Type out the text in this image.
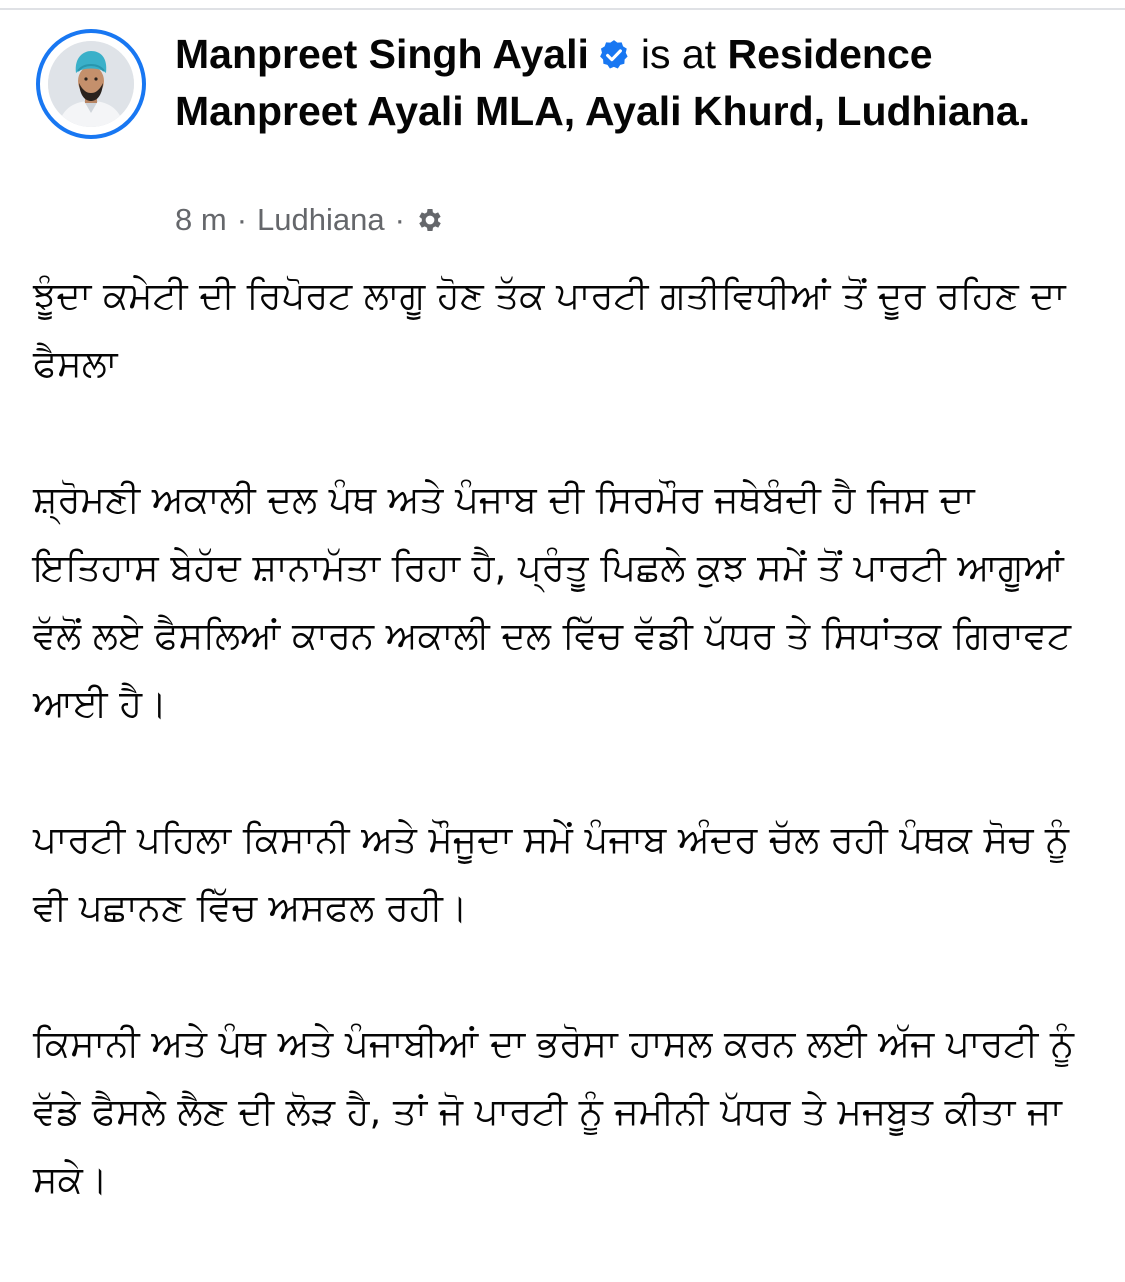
Manpreet Singh Ayali is at Residence Manpreet Ayali MLA, Ayali Khurd, Ludhiana.
8 m · Ludhiana ·

ਝੂੰਦਾ ਕਮੇਟੀ ਦੀ ਰਿਪੋਰਟ ਲਾਗੂ ਹੋਣ ਤੱਕ ਪਾਰਟੀ ਗਤੀਵਿਧੀਆਂ ਤੋਂ ਦੂਰ ਰਹਿਣ ਦਾ ਫੈਸਲਾ

ਸ਼੍ਰੋਮਣੀ ਅਕਾਲੀ ਦਲ ਪੰਥ ਅਤੇ ਪੰਜਾਬ ਦੀ ਸਿਰਮੌਰ ਜਥੇਬੰਦੀ ਹੈ ਜਿਸ ਦਾ ਇਤਿਹਾਸ ਬੇਹੱਦ ਸ਼ਾਨਾਮੱਤਾ ਰਿਹਾ ਹੈ, ਪ੍ਰੰਤੂ ਪਿਛਲੇ ਕੁਝ ਸਮੇਂ ਤੋਂ ਪਾਰਟੀ ਆਗੂਆਂ ਵੱਲੋਂ ਲਏ ਫੈਸਲਿਆਂ ਕਾਰਨ ਅਕਾਲੀ ਦਲ ਵਿੱਚ ਵੱਡੀ ਪੱਧਰ ਤੇ ਸਿਧਾਂਤਕ ਗਿਰਾਵਟ ਆਈ ਹੈ।

ਪਾਰਟੀ ਪਹਿਲਾ ਕਿਸਾਨੀ ਅਤੇ ਮੌਜੂਦਾ ਸਮੇਂ ਪੰਜਾਬ ਅੰਦਰ ਚੱਲ ਰਹੀ ਪੰਥਕ ਸੋਚ ਨੂੰ ਵੀ ਪਛਾਨਣ ਵਿੱਚ ਅਸਫਲ ਰਹੀ।

ਕਿਸਾਨੀ ਅਤੇ ਪੰਥ ਅਤੇ ਪੰਜਾਬੀਆਂ ਦਾ ਭਰੋਸਾ ਹਾਸਲ ਕਰਨ ਲਈ ਅੱਜ ਪਾਰਟੀ ਨੂੰ ਵੱਡੇ ਫੈਸਲੇ ਲੈਣ ਦੀ ਲੋੜ ਹੈ, ਤਾਂ ਜੋ ਪਾਰਟੀ ਨੂੰ ਜਮੀਨੀ ਪੱਧਰ ਤੇ ਮਜਬੂਤ ਕੀਤਾ ਜਾ ਸਕੇ।
